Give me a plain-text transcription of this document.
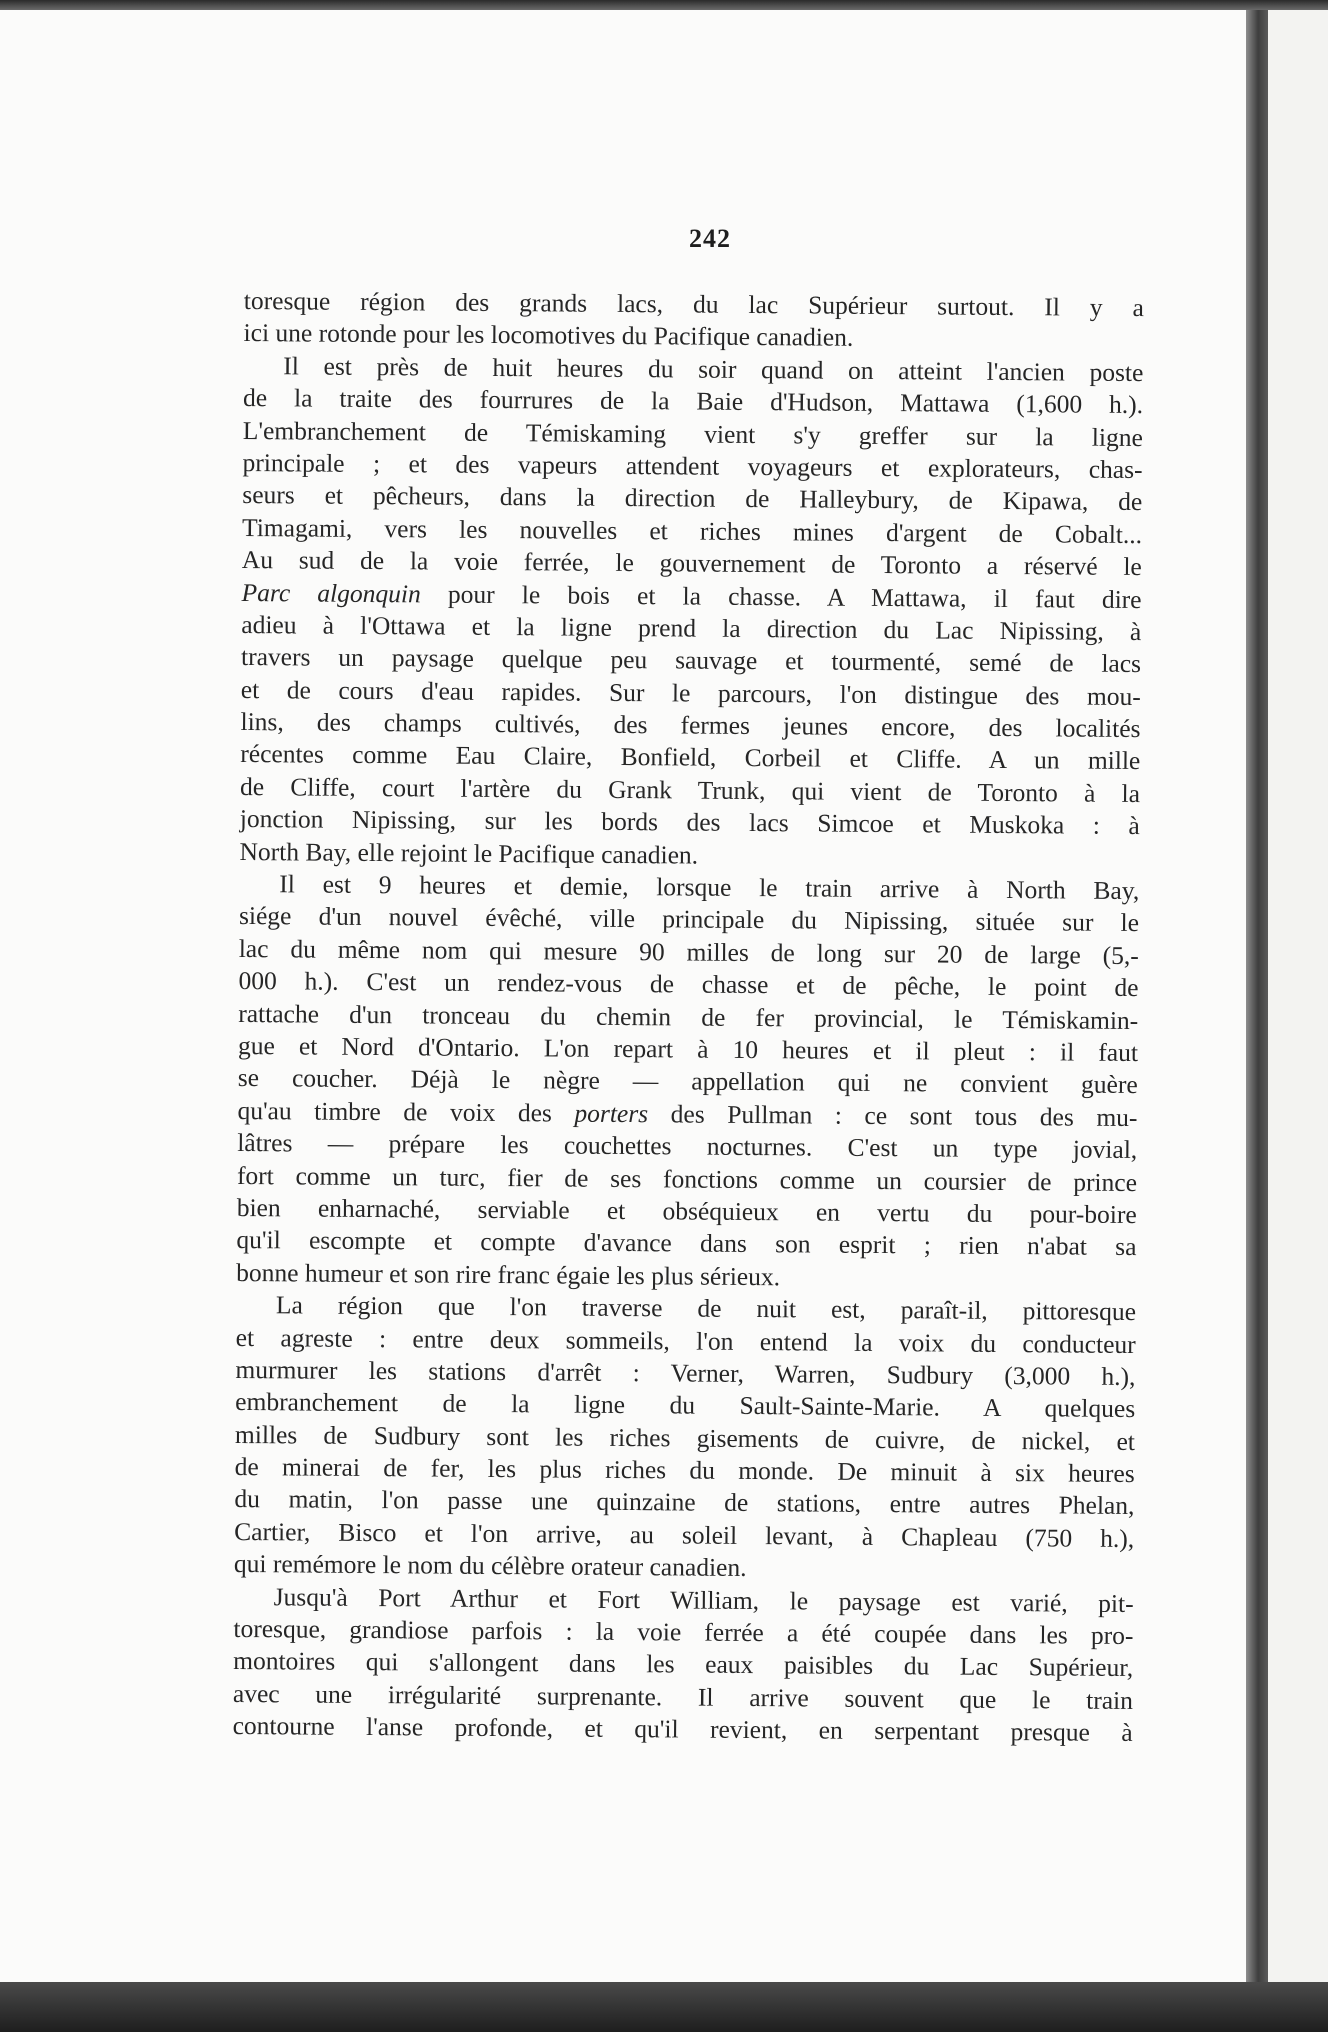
242
toresque région des grands lacs, du lac Supérieur surtout. Il y a
ici une rotonde pour les locomotives du Pacifique canadien.
Il est près de huit heures du soir quand on atteint l'ancien poste
de la traite des fourrures de la Baie d'Hudson, Mattawa (1,600 h.).
L'embranchement de Témiskaming vient s'y greffer sur la ligne
principale ; et des vapeurs attendent voyageurs et explorateurs, chas-
seurs et pêcheurs, dans la direction de Halleybury, de Kipawa, de
Timagami, vers les nouvelles et riches mines d'argent de Cobalt...
Au sud de la voie ferrée, le gouvernement de Toronto a réservé le
Parc algonquin pour le bois et la chasse. A Mattawa, il faut dire
adieu à l'Ottawa et la ligne prend la direction du Lac Nipissing, à
travers un paysage quelque peu sauvage et tourmenté, semé de lacs
et de cours d'eau rapides. Sur le parcours, l'on distingue des mou-
lins, des champs cultivés, des fermes jeunes encore, des localités
récentes comme Eau Claire, Bonfield, Corbeil et Cliffe. A un mille
de Cliffe, court l'artère du Grank Trunk, qui vient de Toronto à la
jonction Nipissing, sur les bords des lacs Simcoe et Muskoka : à
North Bay, elle rejoint le Pacifique canadien.
Il est 9 heures et demie, lorsque le train arrive à North Bay,
siége d'un nouvel évêché, ville principale du Nipissing, située sur le
lac du même nom qui mesure 90 milles de long sur 20 de large (5,-
000 h.). C'est un rendez-vous de chasse et de pêche, le point de
rattache d'un tronceau du chemin de fer provincial, le Témiskamin-
gue et Nord d'Ontario. L'on repart à 10 heures et il pleut : il faut
se coucher. Déjà le nègre — appellation qui ne convient guère
qu'au timbre de voix des porters des Pullman : ce sont tous des mu-
lâtres — prépare les couchettes nocturnes. C'est un type jovial,
fort comme un turc, fier de ses fonctions comme un coursier de prince
bien enharnaché, serviable et obséquieux en vertu du pour-boire
qu'il escompte et compte d'avance dans son esprit ; rien n'abat sa
bonne humeur et son rire franc égaie les plus sérieux.
La région que l'on traverse de nuit est, paraît-il, pittoresque
et agreste : entre deux sommeils, l'on entend la voix du conducteur
murmurer les stations d'arrêt : Verner, Warren, Sudbury (3,000 h.),
embranchement de la ligne du Sault-Sainte-Marie. A quelques
milles de Sudbury sont les riches gisements de cuivre, de nickel, et
de minerai de fer, les plus riches du monde. De minuit à six heures
du matin, l'on passe une quinzaine de stations, entre autres Phelan,
Cartier, Bisco et l'on arrive, au soleil levant, à Chapleau (750 h.),
qui remémore le nom du célèbre orateur canadien.
Jusqu'à Port Arthur et Fort William, le paysage est varié, pit-
toresque, grandiose parfois : la voie ferrée a été coupée dans les pro-
montoires qui s'allongent dans les eaux paisibles du Lac Supérieur,
avec une irrégularité surprenante. Il arrive souvent que le train
contourne l'anse profonde, et qu'il revient, en serpentant presque à
